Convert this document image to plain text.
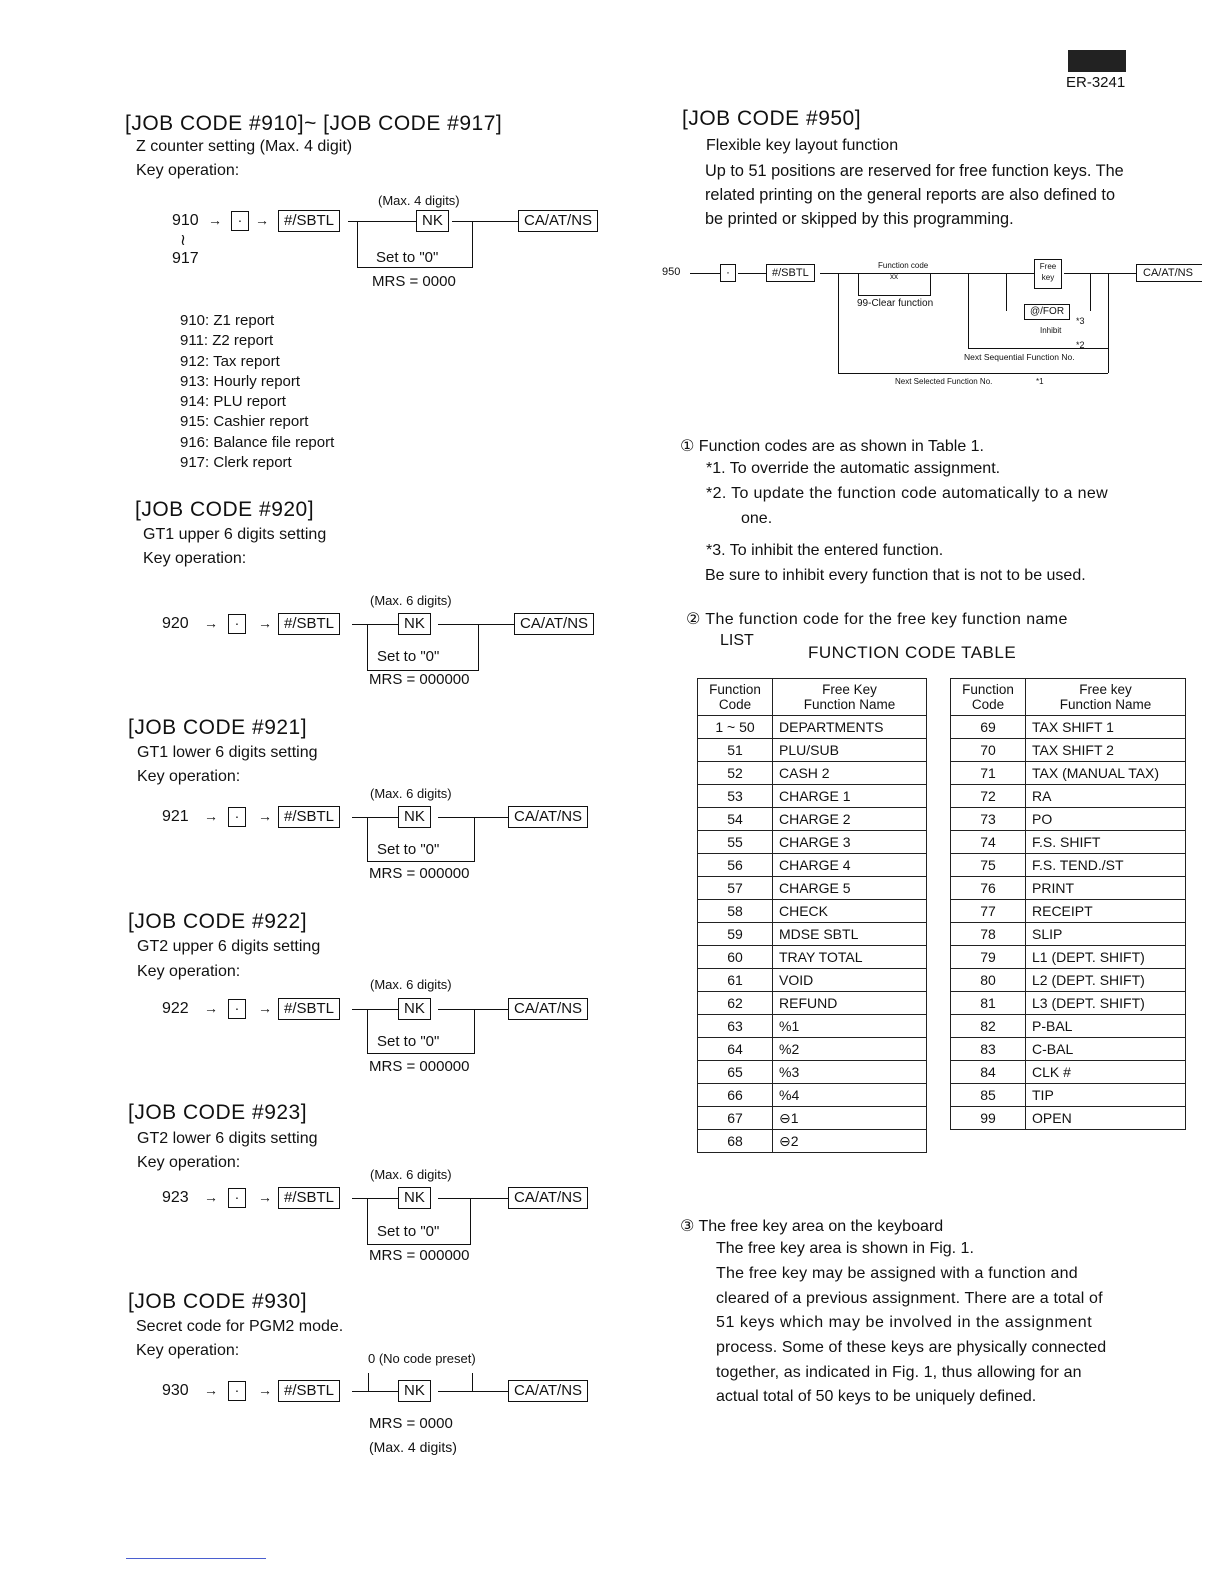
ER-3241
[JOB CODE #910]~ [JOB CODE #917]
Z counter setting (Max. 4 digit)
Key operation:
(Max. 4 digits)
910
≀
917
→	· →	#/SBTL	NK	CA/AT/NS
Set to "0"
MRS = 0000
910: Z1 report
911: Z2 report
912: Tax report
913: Hourly report
914: PLU report
915: Cashier report
916: Balance file report
917: Clerk report
[JOB CODE #920]
GT1 upper 6 digits setting
Key operation:
(Max. 6 digits)
920 →	·	→ #/SBTL	NK	CA/AT/NS
Set to "0"
MRS = 000000
[JOB CODE #921]
GT1 lower 6 digits setting
Key operation:
(Max. 6 digits)
921 →	·	→ #/SBTL	NK	CA/AT/NS
Set to "0"
MRS = 000000
[JOB CODE #922]
GT2 upper 6 digits setting
Key operation:
(Max. 6 digits)
922 →	·	→ #/SBTL	NK	CA/AT/NS
Set to "0"
MRS = 000000
[JOB CODE #923]
GT2 lower 6 digits setting
Key operation:
(Max. 6 digits)
923 →	·	→ #/SBTL	NK	CA/AT/NS
Set to "0"
MRS = 000000
[JOB CODE #930]
Secret code for PGM2 mode.
Key operation:	0 (No code preset)
930 →	·	→ #/SBTL	NK	CA/AT/NS
MRS = 0000
(Max. 4 digits)
[JOB CODE #950]
Flexible key layout function
Up to 51 positions are reserved for free function keys. The
related printing on the general reports are also defined to
be printed or skipped by this programming.
950	·	#/SBTL
Function code
xx
99-Clear function
Free
key	CA/AT/NS
@/FOR
Inhibit
*3
*2
Next Sequential Function No.
Next Selected Function No.	*1
① Function codes are as shown in Table 1.
*1. To override the automatic assignment.
*2. To update the function code automatically to a new
one.
*3. To inhibit the entered function.
Be sure to inhibit every function that is not to be used.
② The function code for the free key function name
LIST
FUNCTION CODE TABLE
Function
Code	Free Key
Function Name
1 ~ 50	DEPARTMENTS
51	PLU/SUB
52	CASH 2
53	CHARGE 1
54	CHARGE 2
55	CHARGE 3
56	CHARGE 4
57	CHARGE 5
58	CHECK
59	MDSE SBTL
60	TRAY TOTAL
61	VOID
62	REFUND
63	%1
64	%2
65	%3
66	%4
67	⊖1
68	⊖2
Function
Code	Free key
Function Name
69	TAX SHIFT 1
70	TAX SHIFT 2
71	TAX (MANUAL TAX)
72	RA
73	PO
74	F.S. SHIFT
75	F.S. TEND./ST
76	PRINT
77	RECEIPT
78	SLIP
79	L1 (DEPT. SHIFT)
80	L2 (DEPT. SHIFT)
81	L3 (DEPT. SHIFT)
82	P-BAL
83	C-BAL
84	CLK #
85	TIP
99	OPEN
③ The free key area on the keyboard
The free key area is shown in Fig. 1.
The free key may be assigned with a function and
cleared of a previous assignment. There are a total of
51 keys which may be involved in the assignment
process. Some of these keys are physically connected
together, as indicated in Fig. 1, thus allowing for an
actual total of 50 keys to be uniquely defined.
